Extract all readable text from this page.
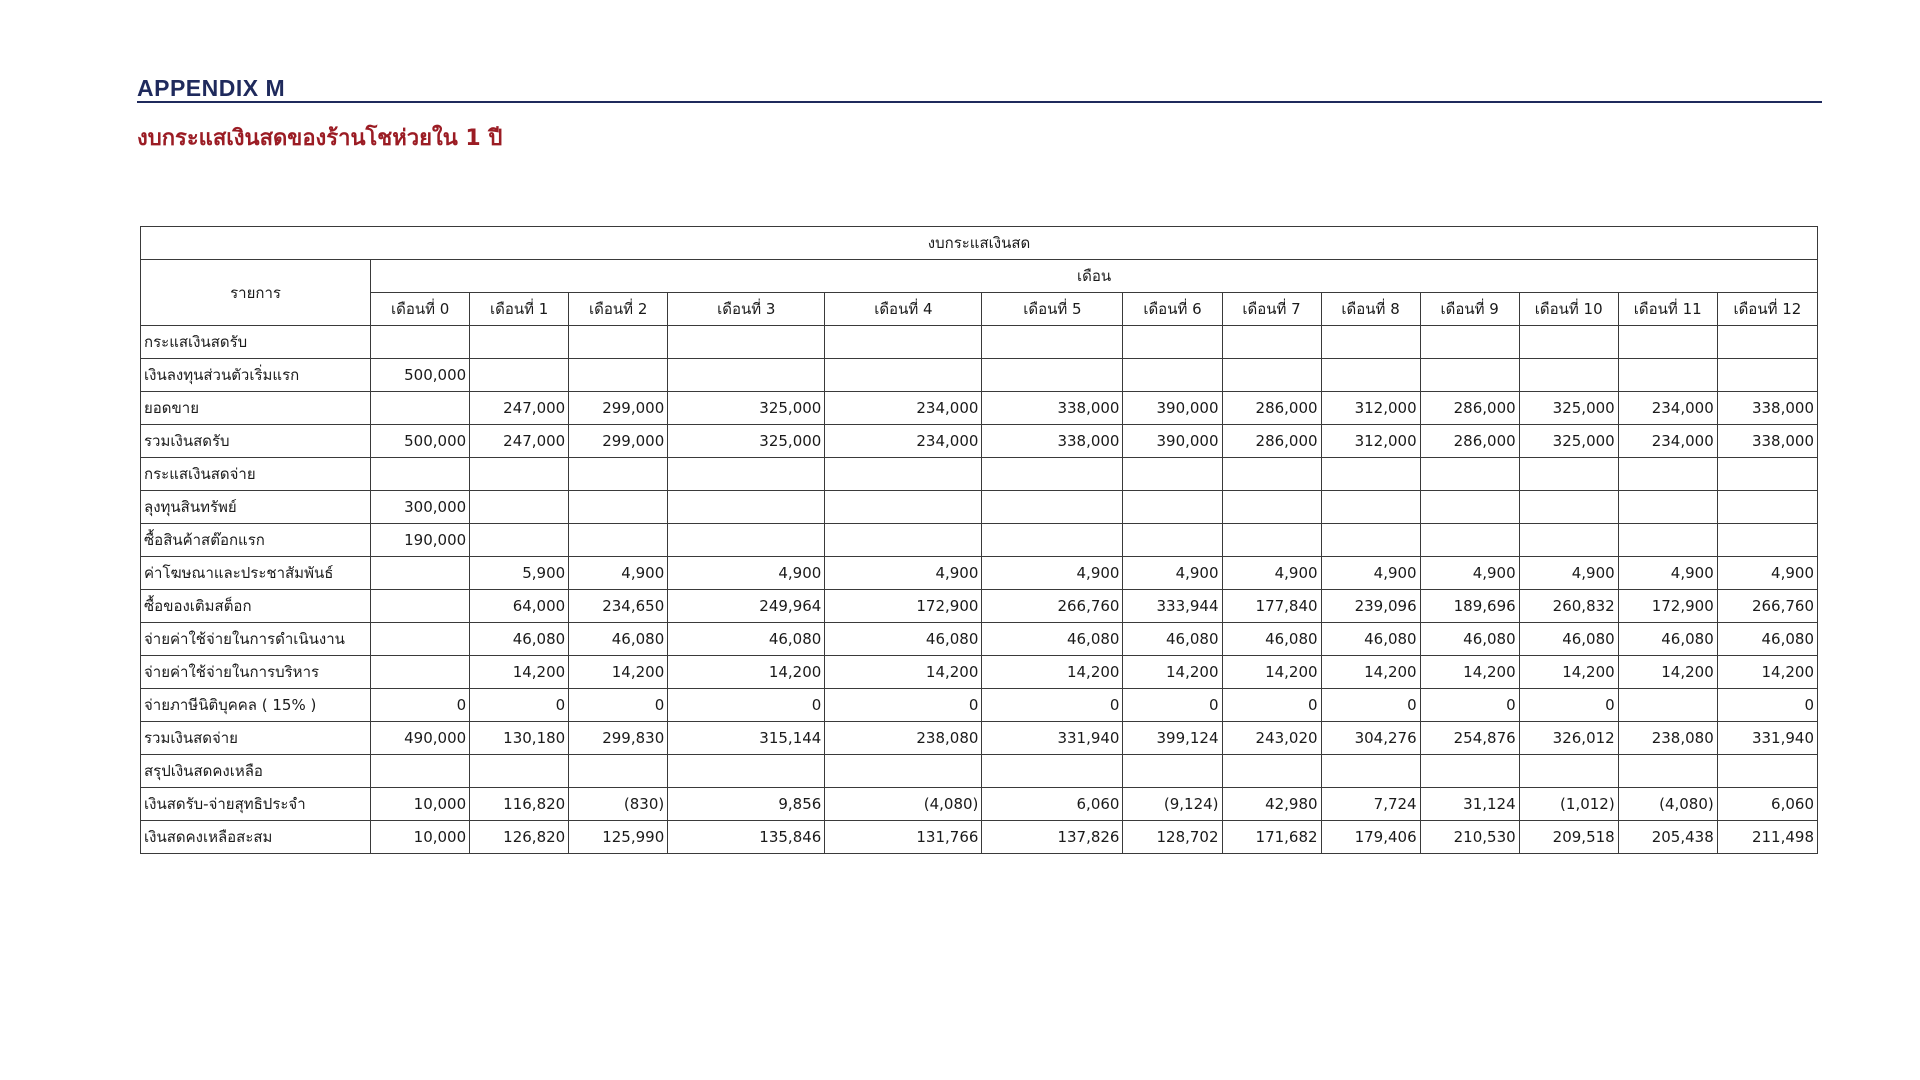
APPENDIX M
งบกระแสเงินสดของร้านโชห่วยใน 1 ปี
งบกระแสเงินสด													
รายการ	เดือน												
	เดือนที่ 0	เดือนที่ 1	เดือนที่ 2	เดือนที่ 3	เดือนที่ 4	เดือนที่ 5	เดือนที่ 6	เดือนที่ 7	เดือนที่ 8	เดือนที่ 9	เดือนที่ 10	เดือนที่ 11	เดือนที่ 12
กระแสเงินสดรับ													
เงินลงทุนส่วนตัวเริ่มแรก	500,000												
ยอดขาย		247,000	299,000	325,000	234,000	338,000	390,000	286,000	312,000	286,000	325,000	234,000	338,000
รวมเงินสดรับ	500,000	247,000	299,000	325,000	234,000	338,000	390,000	286,000	312,000	286,000	325,000	234,000	338,000
กระแสเงินสดจ่าย													
ลุงทุนสินทรัพย์	300,000												
ซื้อสินค้าสต๊อกแรก	190,000												
ค่าโฆษณาและประชาสัมพันธ์		5,900	4,900	4,900	4,900	4,900	4,900	4,900	4,900	4,900	4,900	4,900	4,900
ซื้อของเติมสต็อก		64,000	234,650	249,964	172,900	266,760	333,944	177,840	239,096	189,696	260,832	172,900	266,760
จ่ายค่าใช้จ่ายในการดำเนินงาน		46,080	46,080	46,080	46,080	46,080	46,080	46,080	46,080	46,080	46,080	46,080	46,080
จ่ายค่าใช้จ่ายในการบริหาร		14,200	14,200	14,200	14,200	14,200	14,200	14,200	14,200	14,200	14,200	14,200	14,200
จ่ายภาษีนิติบุคคล ( 15% )	0	0	0	0	0	0	0	0	0	0	0		0
รวมเงินสดจ่าย	490,000	130,180	299,830	315,144	238,080	331,940	399,124	243,020	304,276	254,876	326,012	238,080	331,940
สรุปเงินสดคงเหลือ													
เงินสดรับ-จ่ายสุทธิประจำ	10,000	116,820	(830)	9,856	(4,080)	6,060	(9,124)	42,980	7,724	31,124	(1,012)	(4,080)	6,060
เงินสดคงเหลือสะสม	10,000	126,820	125,990	135,846	131,766	137,826	128,702	171,682	179,406	210,530	209,518	205,438	211,498
